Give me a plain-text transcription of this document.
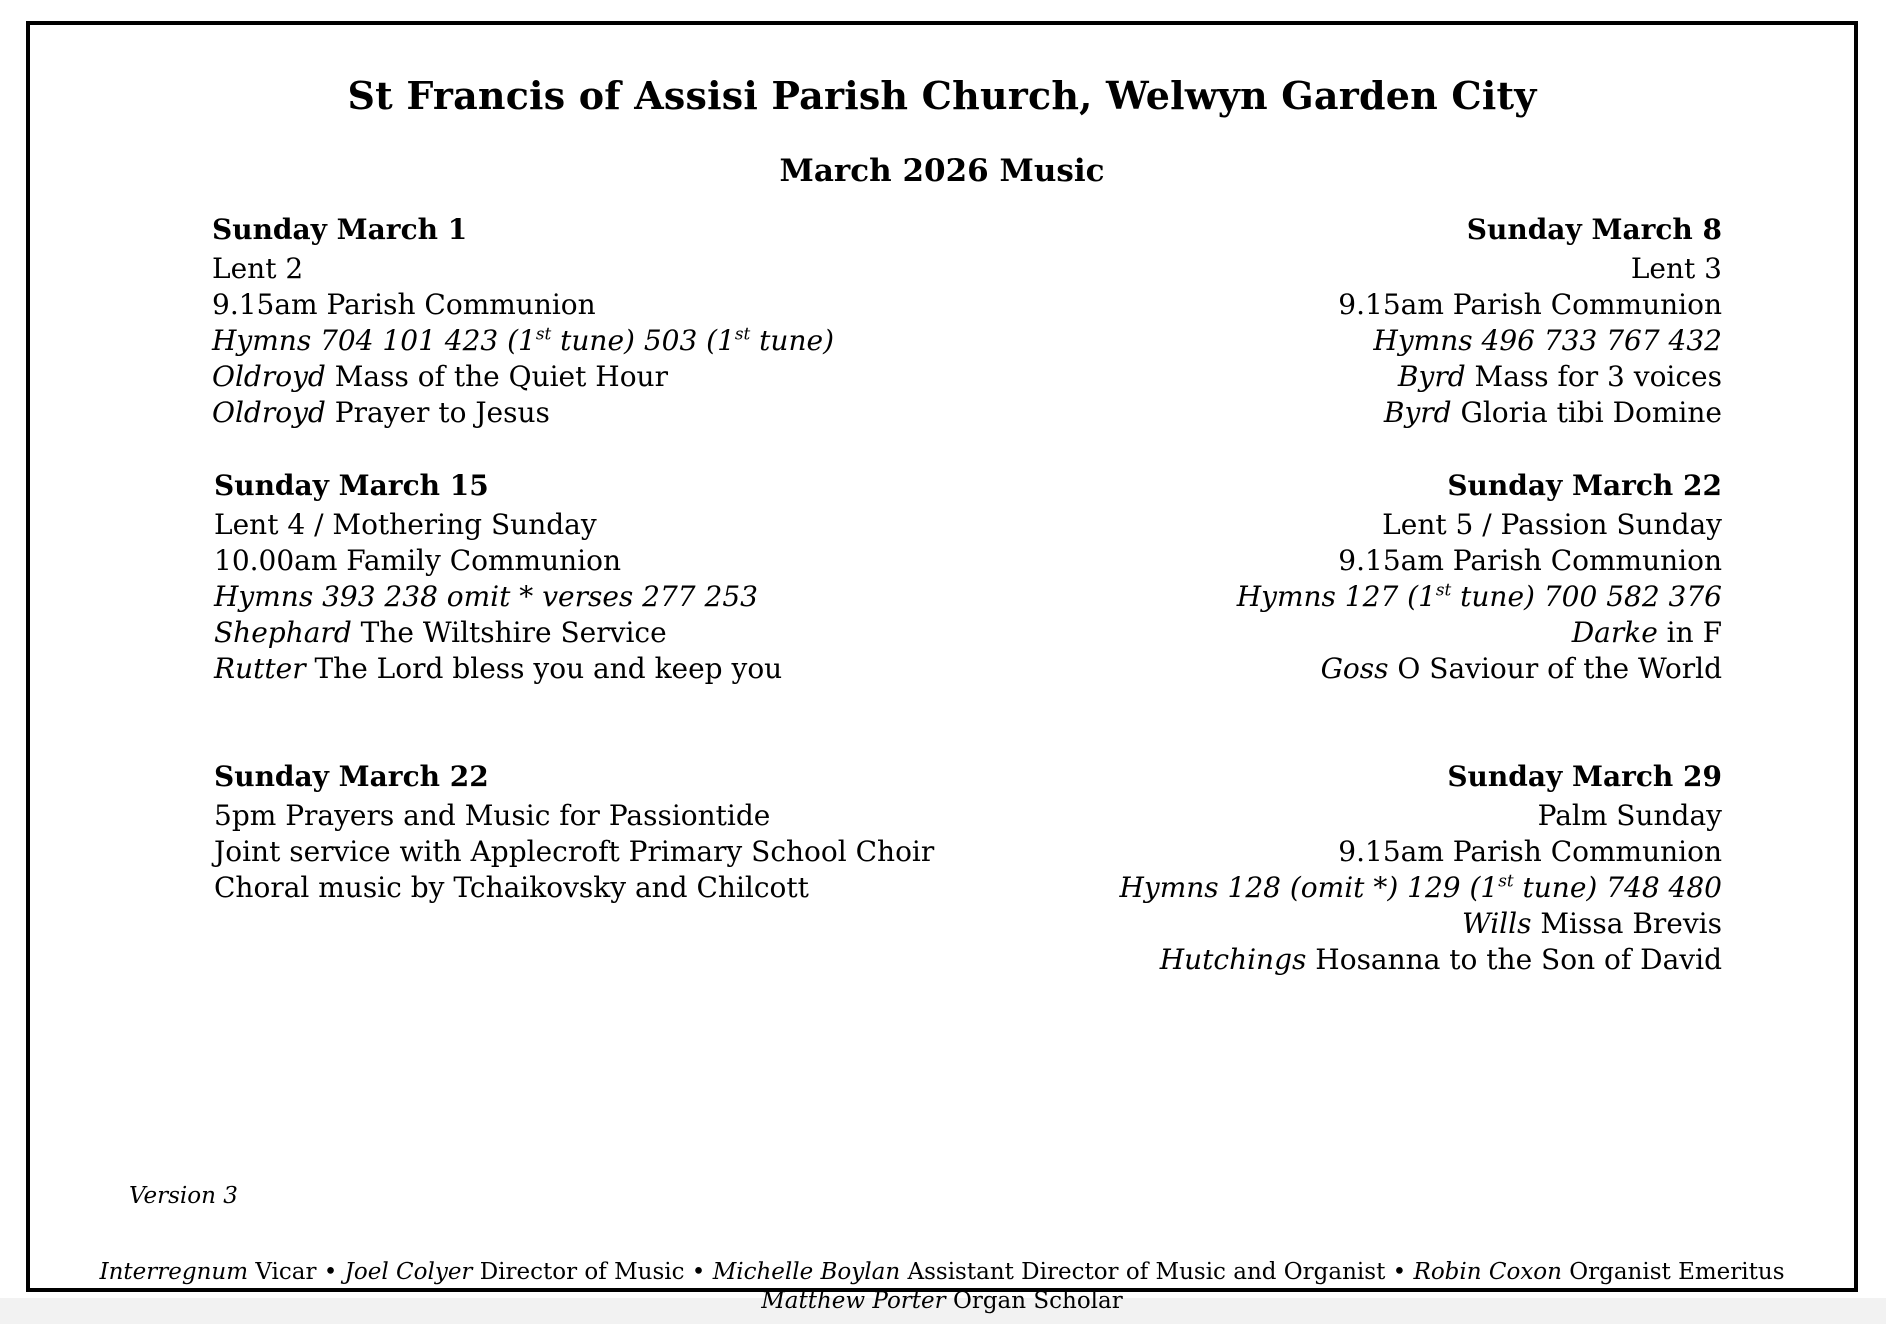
St Francis of Assisi Parish Church, Welwyn Garden City
March 2026 Music
Sunday March 1
Lent 2
9.15am Parish Communion
Hymns 704 101 423 (1st tune) 503 (1st tune)
Oldroyd Mass of the Quiet Hour
Oldroyd Prayer to Jesus
Sunday March 8
Lent 3
9.15am Parish Communion
Hymns 496 733 767 432
Byrd Mass for 3 voices
Byrd Gloria tibi Domine
Sunday March 15
Lent 4 / Mothering Sunday
10.00am Family Communion
Hymns 393 238 omit * verses 277 253
Shephard The Wiltshire Service
Rutter The Lord bless you and keep you
Sunday March 22
Lent 5 / Passion Sunday
9.15am Parish Communion
Hymns 127 (1st tune) 700 582 376
Darke in F
Goss O Saviour of the World
Sunday March 22
5pm Prayers and Music for Passiontide
Joint service with Applecroft Primary School Choir
Choral music by Tchaikovsky and Chilcott
Sunday March 29
Palm Sunday
9.15am Parish Communion
Hymns 128 (omit *) 129 (1st tune) 748 480
Wills Missa Brevis
Hutchings Hosanna to the Son of David
Version 3
Interregnum Vicar • Joel Colyer Director of Music • Michelle Boylan Assistant Director of Music and Organist • Robin Coxon Organist Emeritus
Matthew Porter Organ Scholar
